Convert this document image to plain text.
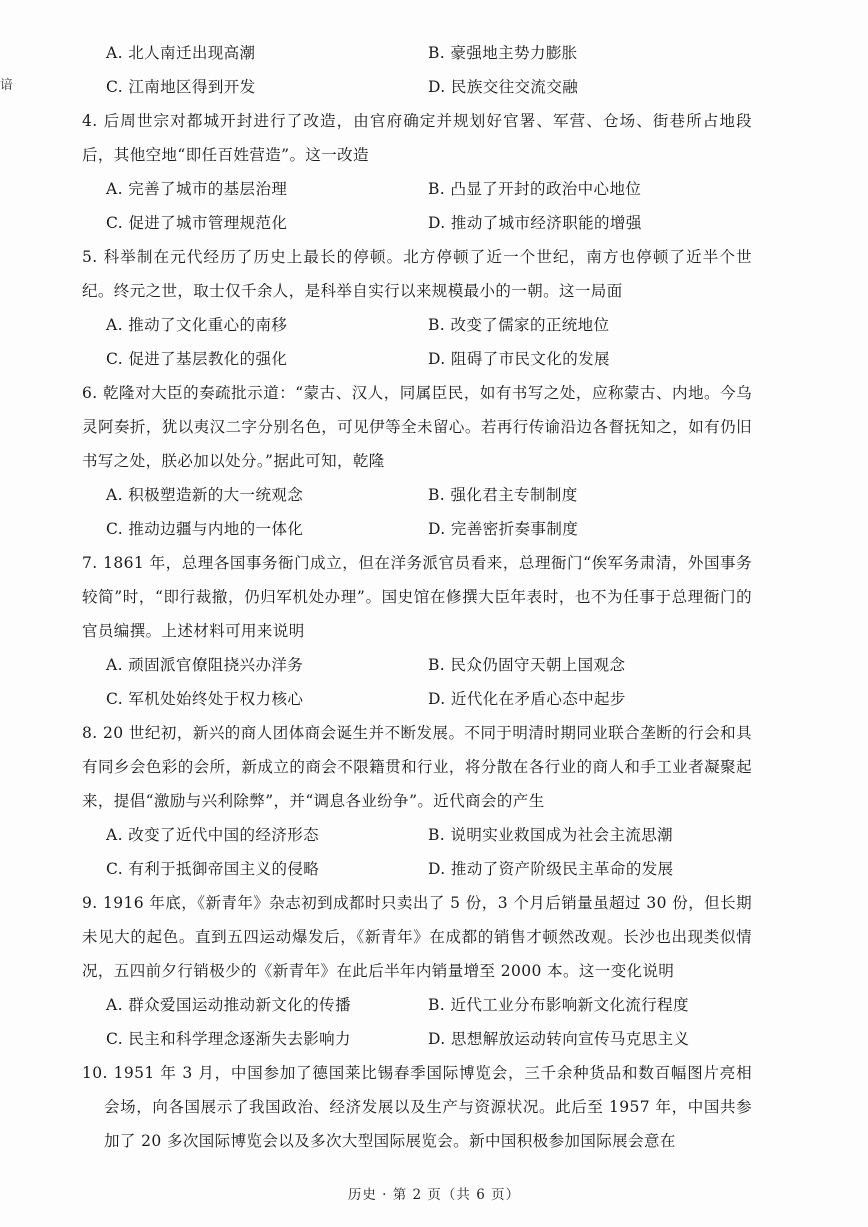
谙
A. 北人南迁出现高潮	B. 豪强地主势力膨胀
C. 江南地区得到开发	D. 民族交往交流交融

4. 后周世宗对都城开封进行了改造，由官府确定并规划好官署、军营、仓场、街巷所占地段后，其他空地“即任百姓营造”。这一改造

A. 完善了城市的基层治理	B. 凸显了开封的政治中心地位
C. 促进了城市管理规范化	D. 推动了城市经济职能的增强

5. 科举制在元代经历了历史上最长的停顿。北方停顿了近一个世纪，南方也停顿了近半个世纪。终元之世，取士仅千余人，是科举自实行以来规模最小的一朝。这一局面

A. 推动了文化重心的南移	B. 改变了儒家的正统地位
C. 促进了基层教化的强化	D. 阻碍了市民文化的发展

6. 乾隆对大臣的奏疏批示道：“蒙古、汉人，同属臣民，如有书写之处，应称蒙古、内地。今乌灵阿奏折，犹以夷汉二字分别名色，可见伊等全未留心。若再行传谕沿边各督抚知之，如有仍旧书写之处，朕必加以处分。”据此可知，乾隆

A. 积极塑造新的大一统观念	B. 强化君主专制制度
C. 推动边疆与内地的一体化	D. 完善密折奏事制度

7. 1861 年，总理各国事务衙门成立，但在洋务派官员看来，总理衙门“俟军务肃清，外国事务较简”时，“即行裁撤，仍归军机处办理”。国史馆在修撰大臣年表时，也不为任事于总理衙门的官员编撰。上述材料可用来说明

A. 顽固派官僚阻挠兴办洋务	B. 民众仍固守天朝上国观念
C. 军机处始终处于权力核心	D. 近代化在矛盾心态中起步

8. 20 世纪初，新兴的商人团体商会诞生并不断发展。不同于明清时期同业联合垄断的行会和具有同乡会色彩的会所，新成立的商会不限籍贯和行业，将分散在各行业的商人和手工业者凝聚起来，提倡“激励与兴利除弊”，并“调息各业纷争”。近代商会的产生

A. 改变了近代中国的经济形态	B. 说明实业救国成为社会主流思潮
C. 有利于抵御帝国主义的侵略	D. 推动了资产阶级民主革命的发展

9. 1916 年底，《新青年》杂志初到成都时只卖出了 5 份，3 个月后销量虽超过 30 份，但长期未见大的起色。直到五四运动爆发后，《新青年》在成都的销售才顿然改观。长沙也出现类似情况，五四前夕行销极少的《新青年》在此后半年内销量增至 2000 本。这一变化说明

A. 群众爱国运动推动新文化的传播	B. 近代工业分布影响新文化流行程度
C. 民主和科学理念逐渐失去影响力	D. 思想解放运动转向宣传马克思主义

10. 1951 年 3 月，中国参加了德国莱比锡春季国际博览会，三千余种货品和数百幅图片亮相会场，向各国展示了我国政治、经济发展以及生产与资源状况。此后至 1957 年，中国共参加了 20 多次国际博览会以及多次大型国际展览会。新中国积极参加国际展会意在

历史 · 第 2 页（共 6 页）
